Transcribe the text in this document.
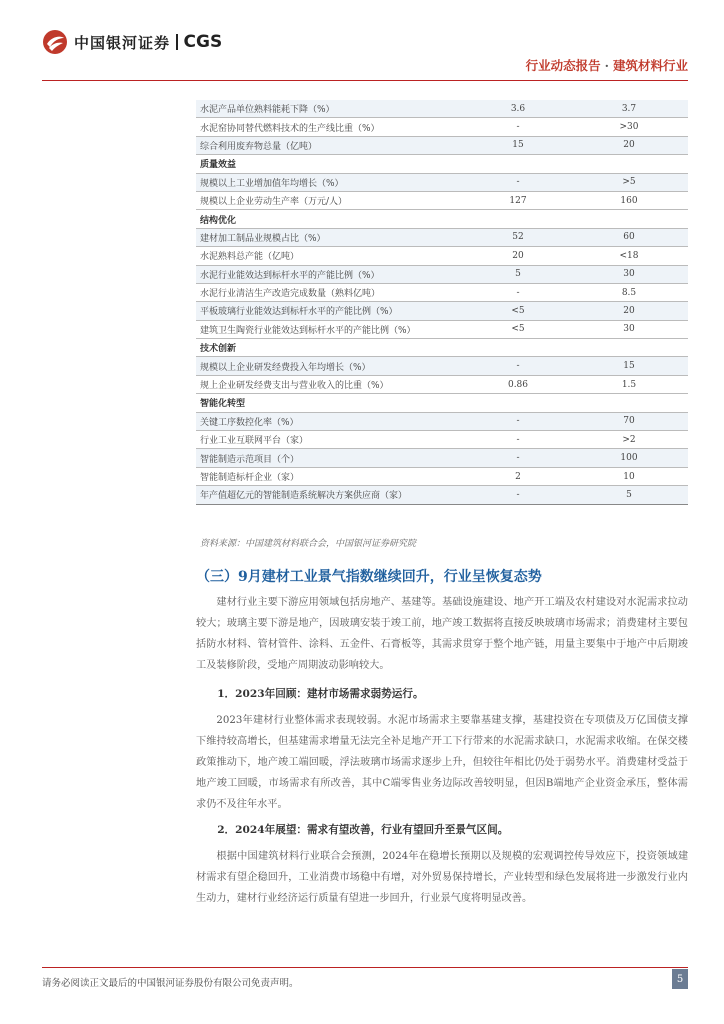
中国银河证券 CGS
行业动态报告 · 建筑材料行业
水泥产品单位熟料能耗下降（%）	3.6	3.7
水泥窑协同替代燃料技术的生产线比重（%）	-	>30
综合利用废弃物总量（亿吨）	15	20
质量效益		
规模以上工业增加值年均增长（%）	-	>5
规模以上企业劳动生产率（万元/人）	127	160
结构优化		
建材加工制品业规模占比（%）	52	60
水泥熟料总产能（亿吨）	20	<18
水泥行业能效达到标杆水平的产能比例（%）	5	30
水泥行业清洁生产改造完成数量（熟料亿吨）	-	8.5
平板玻璃行业能效达到标杆水平的产能比例（%）	<5	20
建筑卫生陶瓷行业能效达到标杆水平的产能比例（%）	<5	30
技术创新		
规模以上企业研发经费投入年均增长（%）	-	15
规上企业研发经费支出与营业收入的比重（%）	0.86	1.5
智能化转型		
关键工序数控化率（%）	-	70
行业工业互联网平台（家）	-	>2
智能制造示范项目（个）	-	100
智能制造标杆企业（家）	2	10
年产值超亿元的智能制造系统解决方案供应商（家）	-	5
资料来源：中国建筑材料联合会，中国银河证券研究院
（三）9月建材工业景气指数继续回升，行业呈恢复态势

建材行业主要下游应用领域包括房地产、基建等。基础设施建设、地产开工端及农村建设对水泥需求拉动较大；玻璃主要下游是地产，因玻璃安装于竣工前，地产竣工数据将直接反映玻璃市场需求；消费建材主要包括防水材料、管材管件、涂料、五金件、石膏板等，其需求贯穿于整个地产链，用量主要集中于地产中后期竣工及装修阶段，受地产周期波动影响较大。

1．2023年回顾：建材市场需求弱势运行。

2023年建材行业整体需求表现较弱。水泥市场需求主要靠基建支撑，基建投资在专项债及万亿国债支撑下维持较高增长，但基建需求增量无法完全补足地产开工下行带来的水泥需求缺口，水泥需求收缩。在保交楼政策推动下，地产竣工端回暖，浮法玻璃市场需求逐步上升，但较往年相比仍处于弱势水平。消费建材受益于地产竣工回暖，市场需求有所改善，其中C端零售业务边际改善较明显，但因B端地产企业资金承压，整体需求仍不及往年水平。

2．2024年展望：需求有望改善，行业有望回升至景气区间。

根据中国建筑材料行业联合会预测，2024年在稳增长预期以及规模的宏观调控传导效应下，投资领域建材需求有望企稳回升，工业消费市场稳中有增，对外贸易保持增长，产业转型和绿色发展将进一步激发行业内生动力，建材行业经济运行质量有望进一步回升，行业景气度将明显改善。

请务必阅读正文最后的中国银河证券股份有限公司免责声明。	5
